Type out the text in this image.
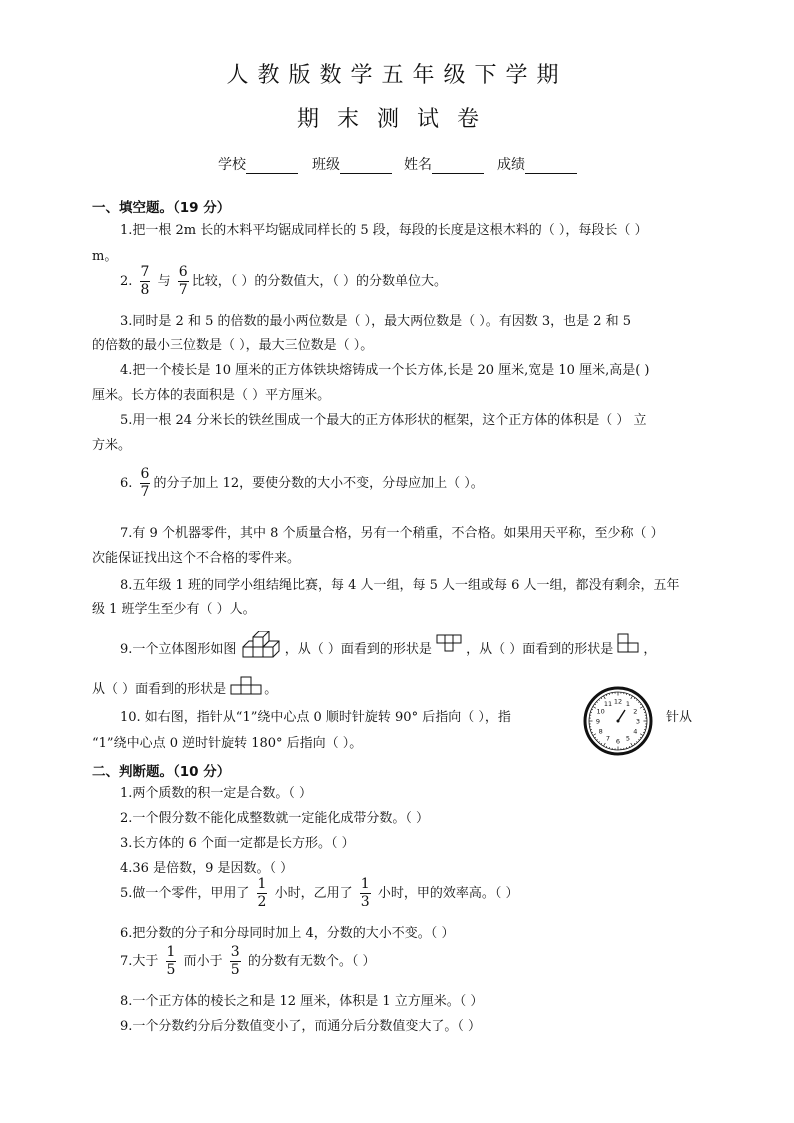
人教版数学五年级下学期
期末测试卷
学校	班级	姓名	成绩
一、填空题。（19 分）
1.把一根 2m 长的木料平均锯成同样长的 5 段，每段的长度是这根木料的（ ），每段长（ ）
m。
2. $\frac{7}{8}$ 与 $\frac{6}{7}$ 比较，（ ）的分数值大，（ ）的分数单位大。
3.同时是 2 和 5 的倍数的最小两位数是（ ），最大两位数是（ ）。有因数 3，也是 2 和 5
的倍数的最小三位数是（ ），最大三位数是（ ）。
4.把一个棱长是 10 厘米的正方体铁块熔铸成一个长方体,长是 20 厘米,宽是 10 厘米,高是( )
厘米。长方体的表面积是（ ）平方厘米。
5.用一根 24 分米长的铁丝围成一个最大的正方体形状的框架，这个正方体的体积是（ ） 立
方米。
6. $\frac{6}{7}$ 的分子加上 12，要使分数的大小不变，分母应加上（ ）。
7.有 9 个机器零件，其中 8 个质量合格，另有一个稍重，不合格。如果用天平称，至少称（ ）
次能保证找出这个不合格的零件来。
8.五年级 1 班的同学小组结绳比赛，每 4 人一组，每 5 人一组或每 6 人一组，都没有剩余，五年
级 1 班学生至少有（ ）人。
9.一个立体图形如图	，从（ ）面看到的形状是	，从（ ）面看到的形状是 ，
从（ ）面看到的形状是	。
10. 如右图，指针从“1”绕中心点 0 顺时针旋转 90° 后指向（ ），指	针从
“1”绕中心点 0 逆时针旋转 180° 后指向（ ）。
12 1
2
3
4
5
6
7
8
9
10
11
二、判断题。（10 分）
1.两个质数的积一定是合数。（ ）
2.一个假分数不能化成整数就一定能化成带分数。（ ）
3.长方体的 6 个面一定都是长方形。（ ）
4.36 是倍数，9 是因数。（ ）
5.做一个零件，甲用了 $\frac{1}{2}$ 小时，乙用了 $\frac{1}{3}$ 小时，甲的效率高。（ ）
6.把分数的分子和分母同时加上 4，分数的大小不变。（ ）
7.大于 $\frac{1}{5}$ 而小于 $\frac{3}{5}$ 的分数有无数个。（ ）
8.一个正方体的棱长之和是 12 厘米，体积是 1 立方厘米。（ ）
9.一个分数约分后分数值变小了，而通分后分数值变大了。（ ）
